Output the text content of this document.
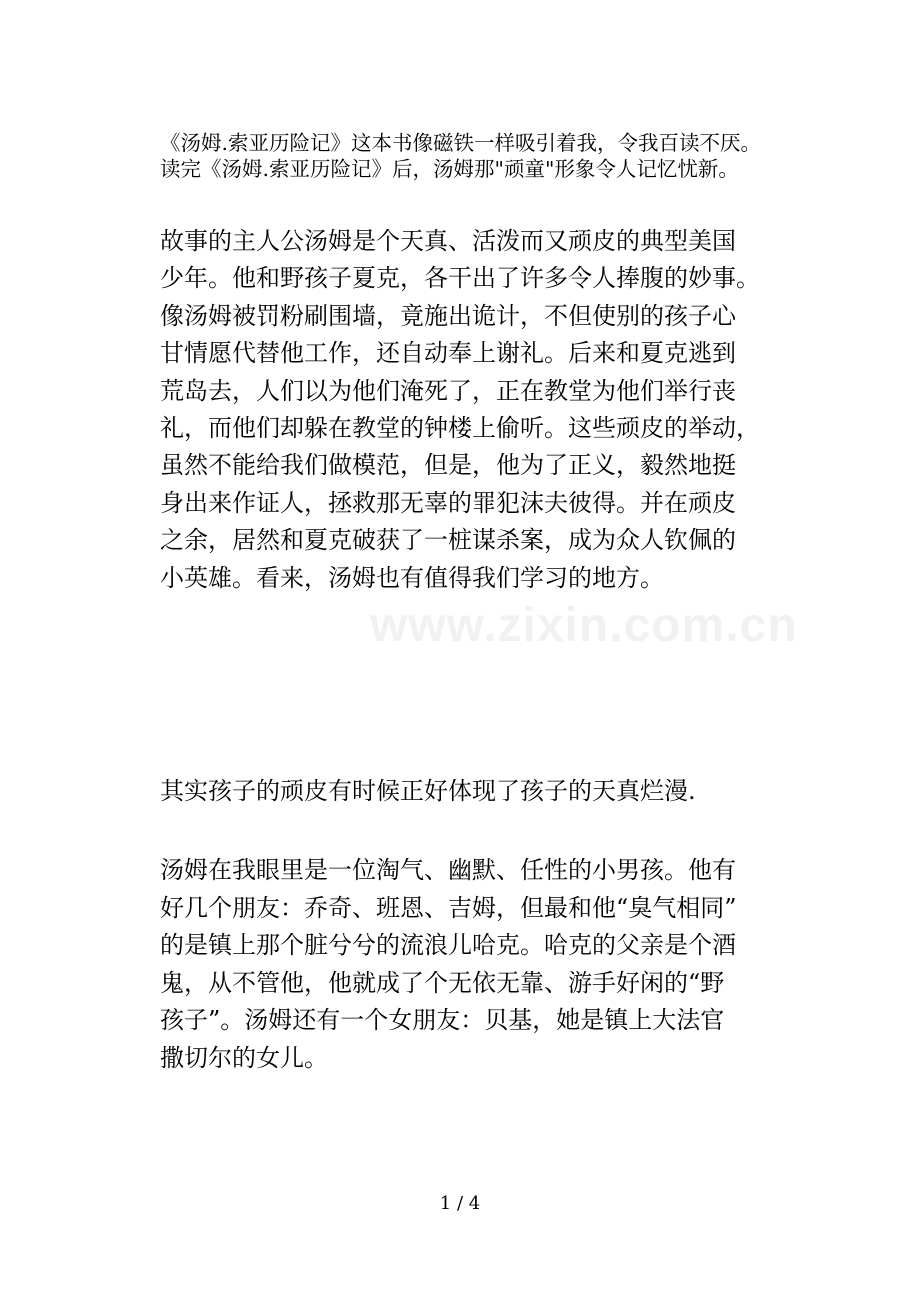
www.zixin.com.cn
《汤姆.索亚历险记》这本书像磁铁一样吸引着我，令我百读不厌。
读完《汤姆.索亚历险记》后，汤姆那"顽童"形象令人记忆忧新。
故事的主人公汤姆是个天真、活泼而又顽皮的典型美国
少年。他和野孩子夏克，各干出了许多令人捧腹的妙事。
像汤姆被罚粉刷围墙，竟施出诡计，不但使别的孩子心
甘情愿代替他工作，还自动奉上谢礼。后来和夏克逃到
荒岛去，人们以为他们淹死了，正在教堂为他们举行丧
礼，而他们却躲在教堂的钟楼上偷听。这些顽皮的举动，
虽然不能给我们做模范，但是，他为了正义，毅然地挺
身出来作证人，拯救那无辜的罪犯沫夫彼得。并在顽皮
之余，居然和夏克破获了一桩谋杀案，成为众人钦佩的
小英雄。看来，汤姆也有值得我们学习的地方。
其实孩子的顽皮有时候正好体现了孩子的天真烂漫.
汤姆在我眼里是一位淘气、幽默、任性的小男孩。他有
好几个朋友：乔奇、班恩、吉姆，但最和他“臭气相同”
的是镇上那个脏兮兮的流浪儿哈克。哈克的父亲是个酒
鬼，从不管他，他就成了个无依无靠、游手好闲的“野
孩子”。汤姆还有一个女朋友：贝基，她是镇上大法官
撒切尔的女儿。
1 / 4
